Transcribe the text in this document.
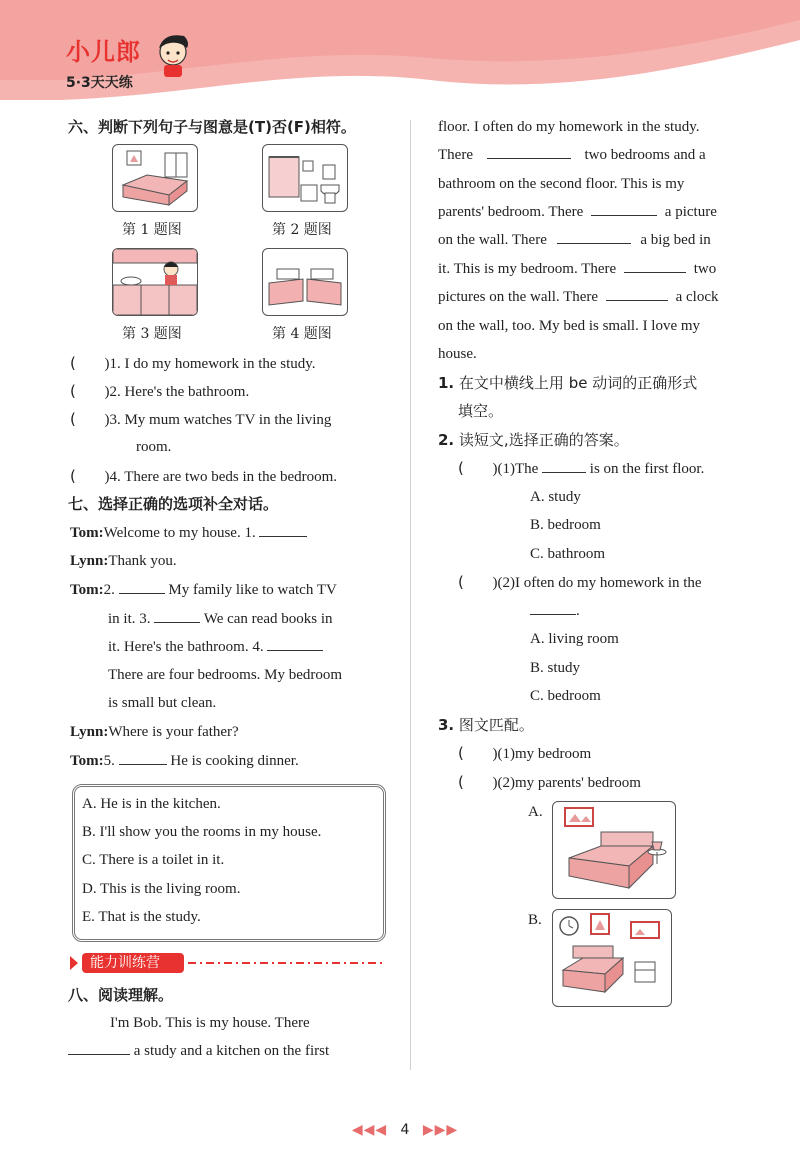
小儿郎
5·3天天练
六、判断下列句子与图意是(T)否(F)相符。
第 1 题图	第 2 题图
第 3 题图	第 4 题图
(      )1. I do my homework in the study.
(      )2. Here's the bathroom.
(      )3. My mum watches TV in the living
room.
(      )4. There are two beds in the bedroom.
七、选择正确的选项补全对话。
Tom:Welcome to my house. 1.
Lynn:Thank you.
Tom:2.	My family like to watch TV
in it. 3.	We can read books in
it. Here's the bathroom. 4.
There are four bedrooms. My bedroom
is small but clean.
Lynn:Where is your father?
Tom:5.	He is cooking dinner.
A. He is in the kitchen.
B. I'll show you the rooms in my house.
C. There is a toilet in it.
D. This is the living room.
E. That is the study.
能力训练营
八、阅读理解。
I'm Bob. This is my house. There
a study and a kitchen on the first
floor. I often do my homework in the study.
There	two bedrooms and a
bathroom on the second floor. This is my
parents' bedroom. There	a picture
on the wall. There	a big bed in
it. This is my bedroom. There	two
pictures on the wall. There	a clock
on the wall, too. My bed is small. I love my
house.
1. 在文中横线上用 be 动词的正确形式
填空。
2. 读短文,选择正确的答案。
(      )(1)The	is on the first floor.
A. study
B. bedroom
C. bathroom
(      )(2)I often do my homework in the
.
A. living room
B. study
C. bedroom
3. 图文匹配。
(      )(1)my bedroom
(      )(2)my parents' bedroom
A.
B.
◀◀◀ 4 ▶▶▶
